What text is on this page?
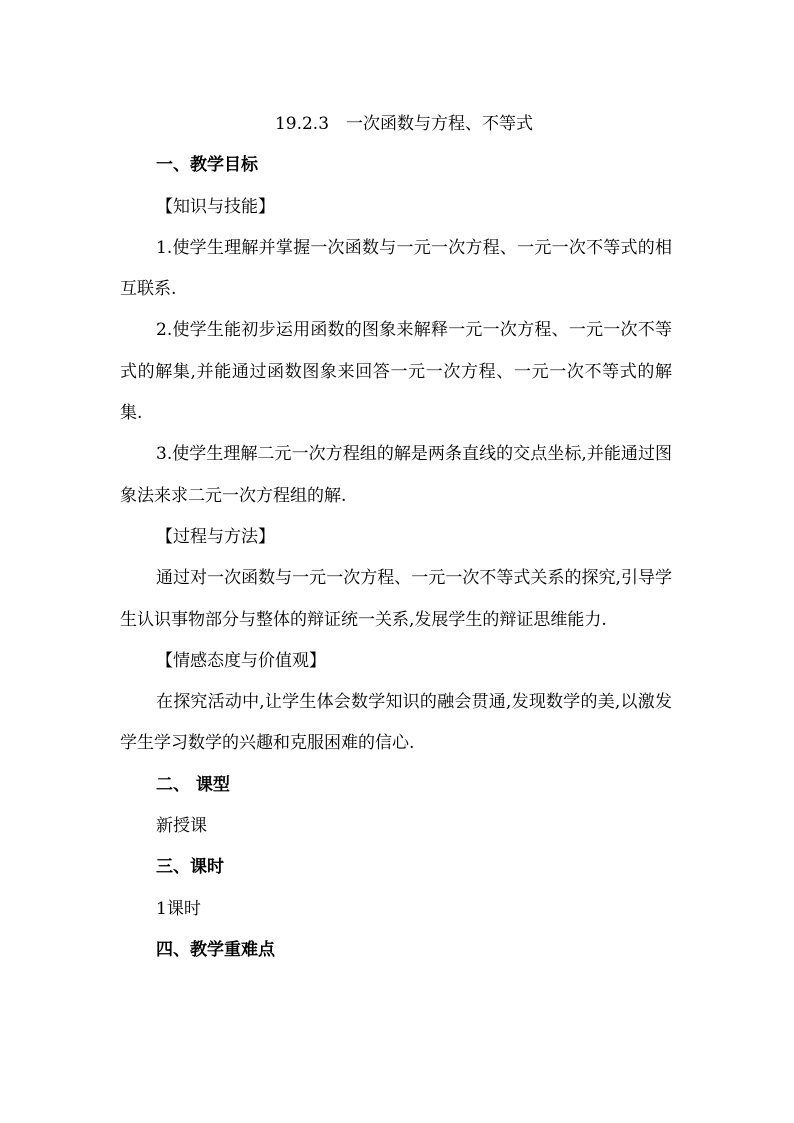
19.2.3　一次函数与方程、不等式

一、教学目标

【知识与技能】

1.使学生理解并掌握一次函数与一元一次方程、一元一次不等式的相互联系.

2.使学生能初步运用函数的图象来解释一元一次方程、一元一次不等式的解集,并能通过函数图象来回答一元一次方程、一元一次不等式的解集.

3.使学生理解二元一次方程组的解是两条直线的交点坐标,并能通过图象法来求二元一次方程组的解.

【过程与方法】

通过对一次函数与一元一次方程、一元一次不等式关系的探究,引导学生认识事物部分与整体的辩证统一关系,发展学生的辩证思维能力.

【情感态度与价值观】

在探究活动中,让学生体会数学知识的融会贯通,发现数学的美,以激发学生学习数学的兴趣和克服困难的信心.

二、 课型

新授课

三、课时

1课时

四、教学重难点
